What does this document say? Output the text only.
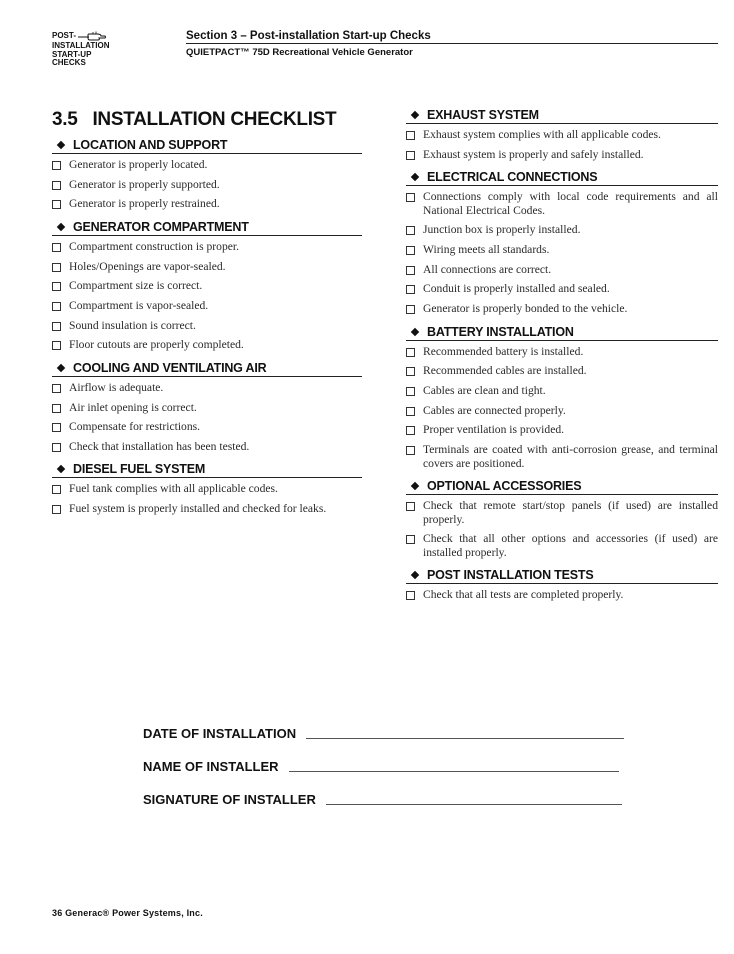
POST-
INSTALLATION
START-UP
CHECKS
Section 3 – Post-installation Start-up Checks
QUIETPACT™ 75D Recreational Vehicle Generator
3.5   INSTALLATION CHECKLIST
LOCATION AND SUPPORT
Generator is properly located.
Generator is properly supported.
Generator is properly restrained.
GENERATOR COMPARTMENT
Compartment construction is proper.
Holes/Openings are vapor-sealed.
Compartment size is correct.
Compartment is vapor-sealed.
Sound insulation is correct.
Floor cutouts are properly completed.
COOLING AND VENTILATING AIR
Airflow is adequate.
Air inlet opening is correct.
Compensate for restrictions.
Check that installation has been tested.
DIESEL FUEL SYSTEM
Fuel tank complies with all applicable codes.
Fuel system is properly installed and checked for leaks.
EXHAUST SYSTEM
Exhaust system complies with all applicable codes.
Exhaust system is properly and safely installed.
ELECTRICAL CONNECTIONS
Connections comply with local code requirements and all National Electrical Codes.
Junction box is properly installed.
Wiring meets all standards.
All connections are correct.
Conduit is properly installed and sealed.
Generator is properly bonded to the vehicle.
BATTERY INSTALLATION
Recommended battery is installed.
Recommended cables are installed.
Cables are clean and tight.
Cables are connected properly.
Proper ventilation is provided.
Terminals are coated with anti-corrosion grease, and terminal covers are positioned.
OPTIONAL ACCESSORIES
Check that remote start/stop panels (if used) are installed properly.
Check that all other options and accessories (if used) are installed properly.
POST INSTALLATION TESTS
Check that all tests are completed properly.
DATE OF INSTALLATION
NAME OF INSTALLER
SIGNATURE OF INSTALLER
36 Generac® Power Systems, Inc.
